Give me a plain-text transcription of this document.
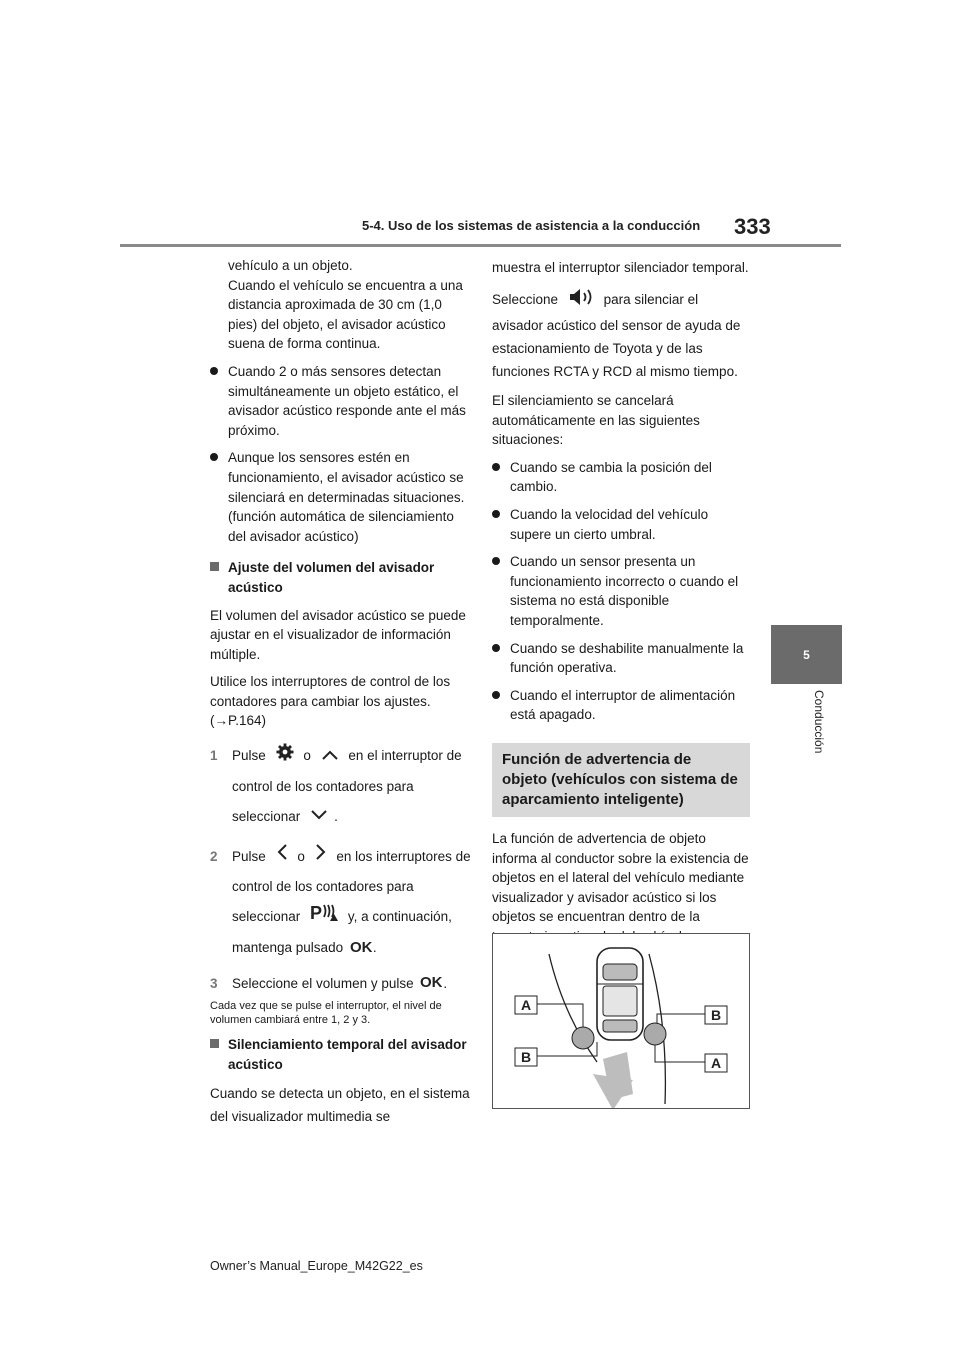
5-4. Uso de los sistemas de asistencia a la conducción 333
5
Conducción
vehículo a un objeto.
Cuando el vehículo se encuentra a una distancia aproximada de 30 cm (1,0 pies) del objeto, el avisador acústico suena de forma continua.
Cuando 2 o más sensores detectan simultáneamente un objeto estático, el avisador acústico responde ante el más próximo.
Aunque los sensores estén en funcionamiento, el avisador acústico se silenciará en determinadas situaciones. (función automática de silenciamiento del avisador acústico)
Ajuste del volumen del avisador acústico

El volumen del avisador acústico se puede ajustar en el visualizador de información múltiple.

Utilice los interruptores de control de los contadores para cambiar los ajustes. (→P.164)

1 Pulse	o	en el interruptor de control de los contadores para seleccionar	.
2 Pulse o en los interruptores de control de los contadores para seleccionar P y, a continuación, mantenga pulsado OK .
3 Seleccione el volumen y pulse OK .

Cada vez que se pulse el interruptor, el nivel de volumen cambiará entre 1, 2 y 3.

Silenciamiento temporal del avisador acústico

Cuando se detecta un objeto, en el sistema del visualizador multimedia se

muestra el interruptor silenciador temporal.

Seleccione	para silenciar el avisador acústico del sensor de ayuda de estacionamiento de Toyota y de las funciones RCTA y RCD al mismo tiempo.

El silenciamiento se cancelará automáticamente en las siguientes situaciones:

Cuando se cambia la posición del cambio.
Cuando la velocidad del vehículo supere un cierto umbral.
Cuando un sensor presenta un funcionamiento incorrecto o cuando el sistema no está disponible temporalmente.
Cuando se deshabilite manualmente la función operativa.
Cuando el interruptor de alimentación está apagado.
Función de advertencia de objeto (vehículos con sistema de aparcamiento inteligente)

La función de advertencia de objeto informa al conductor sobre la existencia de objetos en el lateral del vehículo mediante visualizador y avisador acústico si los objetos se encuentran dentro de la

A
B
B	A
Owner’s Manual_Europe_M42G22_es
